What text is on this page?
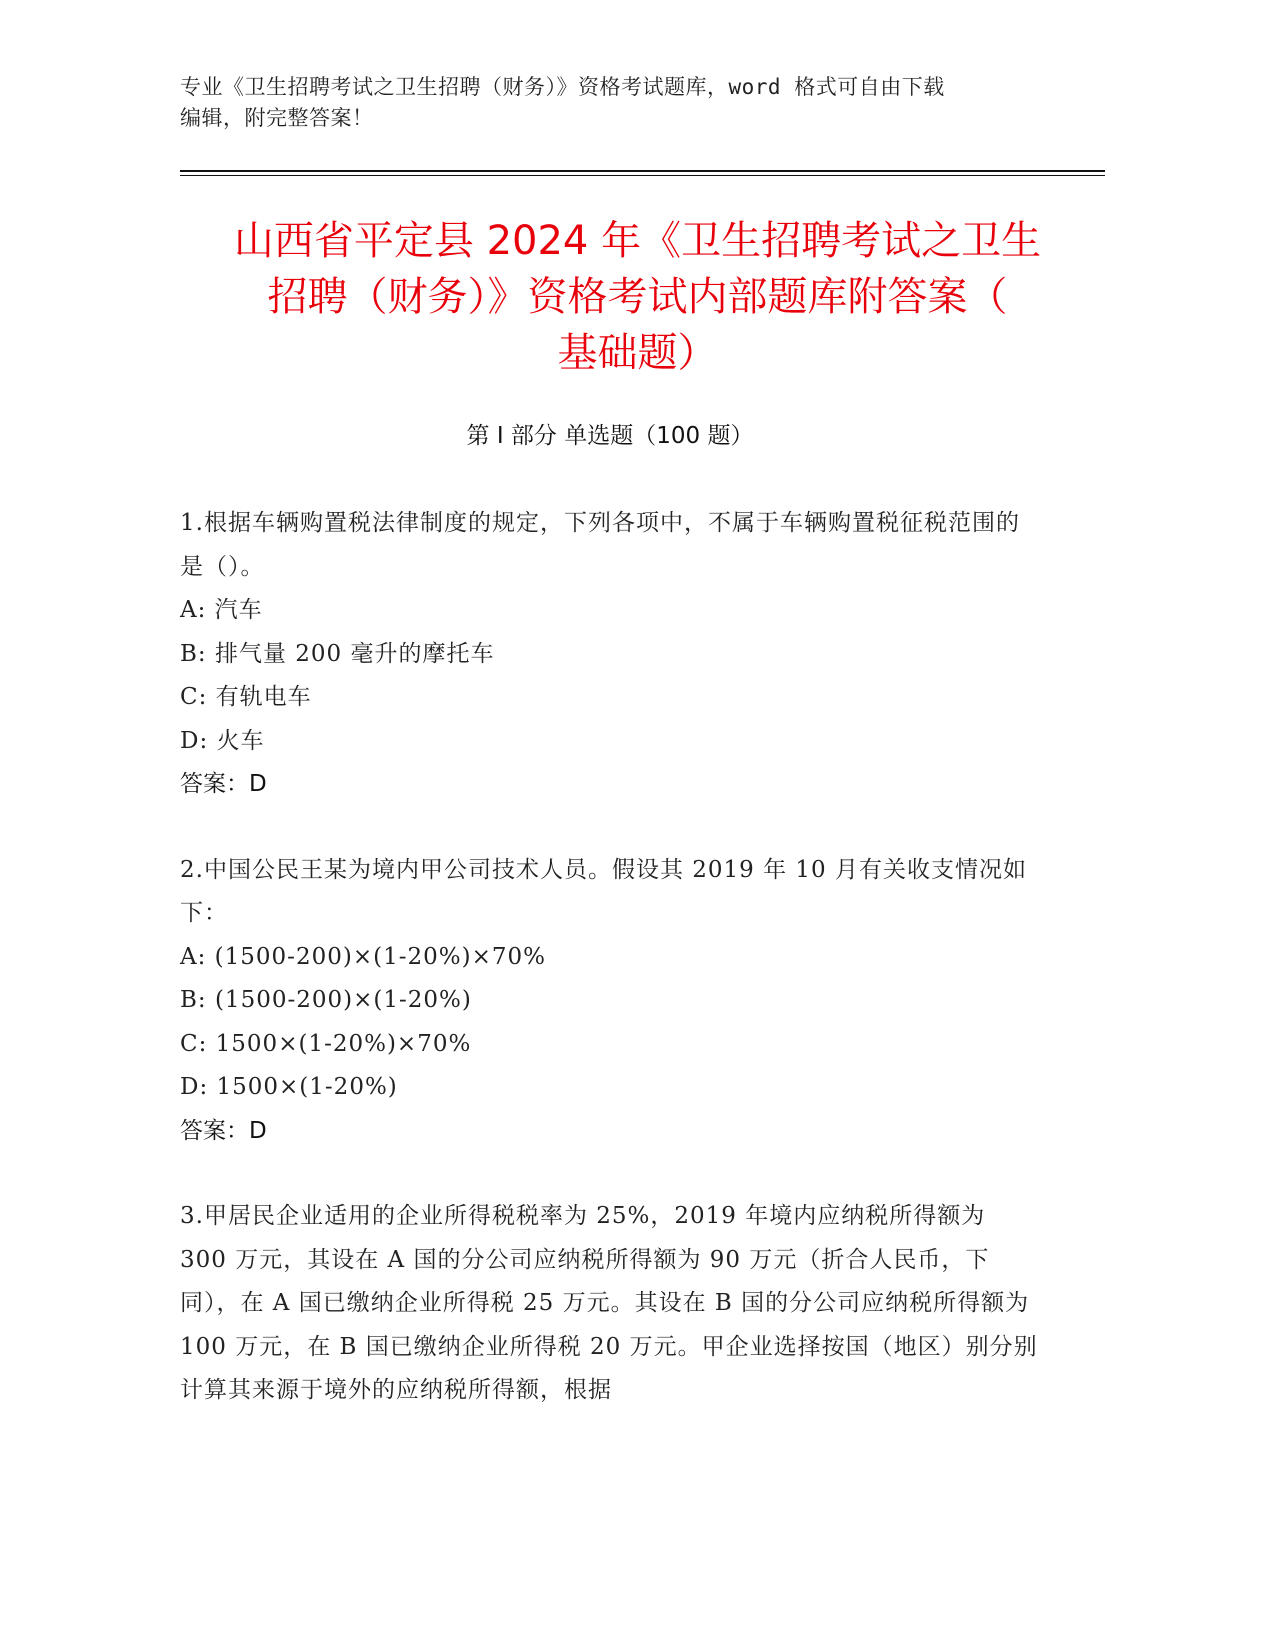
专业《卫生招聘考试之卫生招聘（财务）》资格考试题库，word 格式可自由下载
编辑，附完整答案！
山西省平定县 2024 年《卫生招聘考试之卫生
招聘（财务）》资格考试内部题库附答案（
基础题）
第 I 部分 单选题（100 题）
1.根据车辆购置税法律制度的规定，下列各项中，不属于车辆购置税征税范围的是（）。
A: 汽车
B: 排气量 200 毫升的摩托车
C: 有轨电车
D: 火车
答案：D
2.中国公民王某为境内甲公司技术人员。假设其 2019 年 10 月有关收支情况如下：
A: (1500-200)×(1-20%)×70%
B: (1500-200)×(1-20%)
C: 1500×(1-20%)×70%
D: 1500×(1-20%)
答案：D
3.甲居民企业适用的企业所得税税率为 25%，2019 年境内应纳税所得额为 300 万元，其设在 A 国的分公司应纳税所得额为 90 万元（折合人民币，下同），在 A 国已缴纳企业所得税 25 万元。其设在 B 国的分公司应纳税所得额为 100 万元，在 B 国已缴纳企业所得税 20 万元。甲企业选择按国（地区）别分别计算其来源于境外的应纳税所得额，根据
